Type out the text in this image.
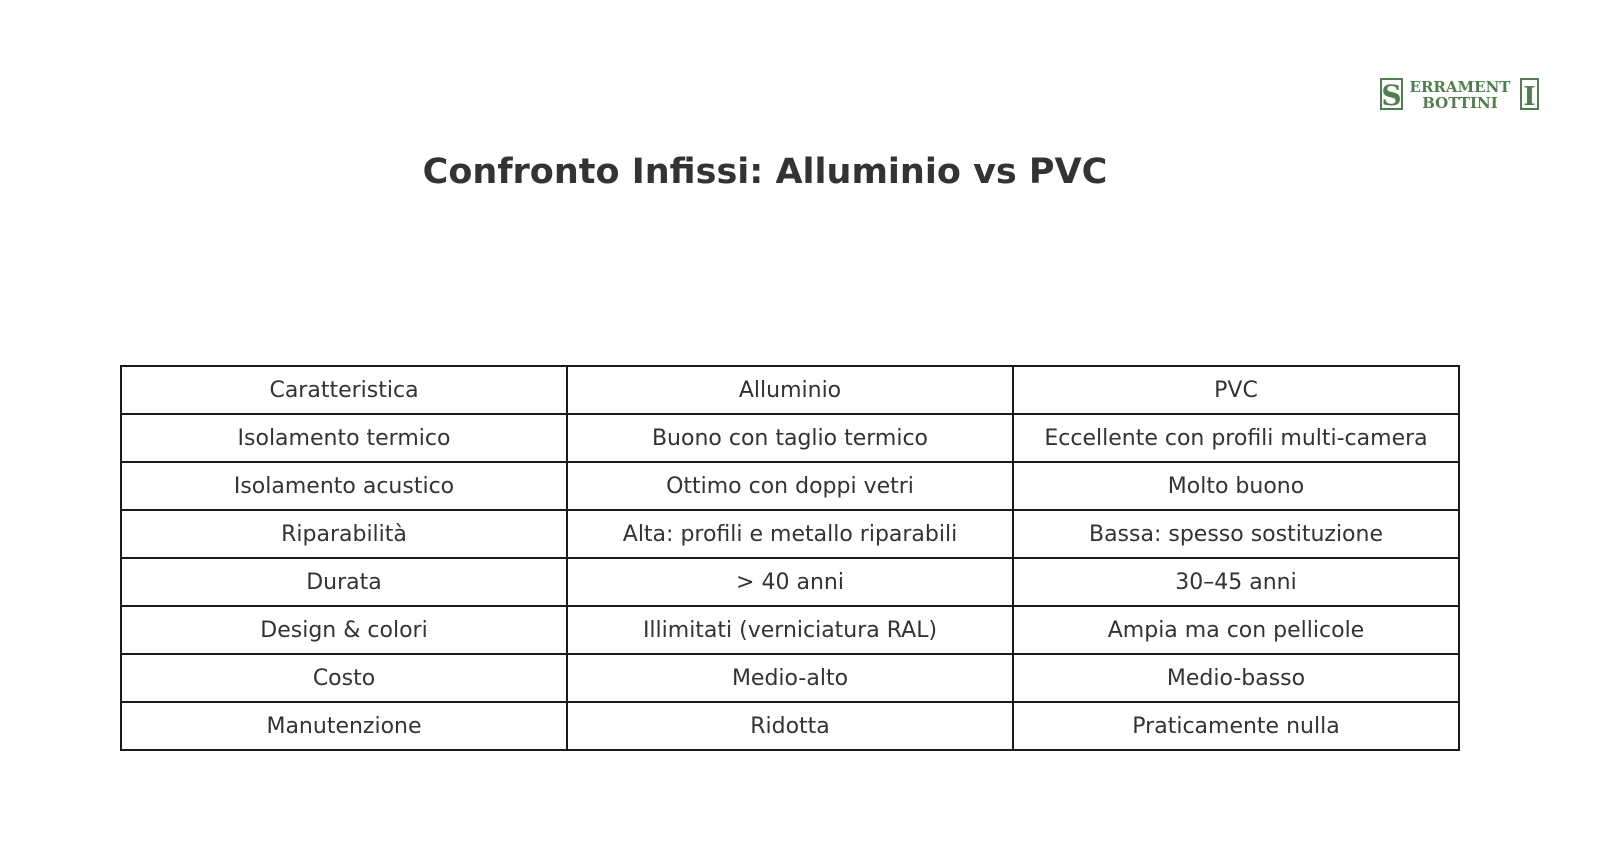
Confronto Infissi: Alluminio vs PVC
S ERRAMENT
BOTTINI I
Caratteristica	Alluminio	PVC
Isolamento termico	Buono con taglio termico	Eccellente con profili multi-camera
Isolamento acustico	Ottimo con doppi vetri	Molto buono
Riparabilità	Alta: profili e metallo riparabili	Bassa: spesso sostituzione
Durata	> 40 anni	30–45 anni
Design & colori	Illimitati (verniciatura RAL)	Ampia ma con pellicole
Costo	Medio-alto	Medio-basso
Manutenzione	Ridotta	Praticamente nulla
